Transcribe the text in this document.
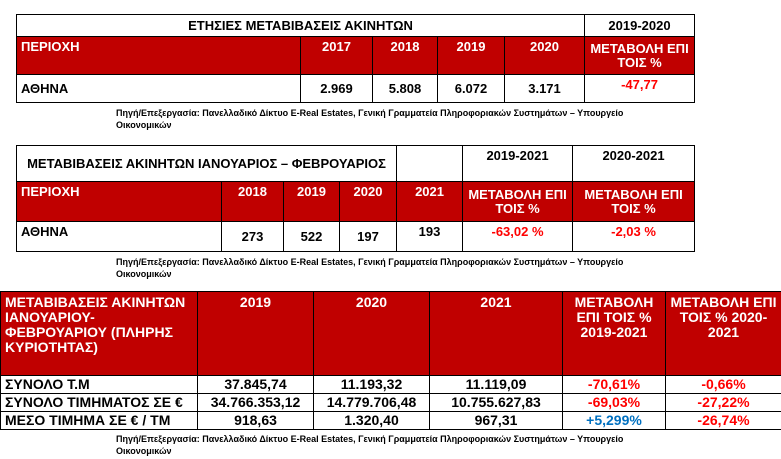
ΕΤΗΣΙΕΣ ΜΕΤΑΒΙΒΑΣΕΙΣ ΑΚΙΝΗΤΩΝ					2019-2020
ΠΕΡΙΟΧΗ	2017	2018	2019	2020	ΜΕΤΑΒΟΛΗ ΕΠΙ ΤΟΙΣ %
ΑΘΗΝΑ	2.969	5.808	6.072	3.171	-47,77
Πηγή/Επεξεργασία: Πανελλαδικό Δίκτυο E-Real Estates, Γενική Γραμματεία Πληροφοριακών Συστημάτων – Υπουργείο Οικονομικών
ΜΕΤΑΒΙΒΑΣΕΙΣ ΑΚΙΝΗΤΩΝ ΙΑΝΟΥΑΡΙΟΣ – ΦΕΒΡΟΥΑΡΙΟΣ					2019-2021	2020-2021
ΠΕΡΙΟΧΗ	2018	2019	2020	2021	ΜΕΤΑΒΟΛΗ ΕΠΙ ΤΟΙΣ %	ΜΕΤΑΒΟΛΗ ΕΠΙ ΤΟΙΣ %
ΑΘΗΝΑ	273	522	197	193	-63,02 %	-2,03 %
Πηγή/Επεξεργασία: Πανελλαδικό Δίκτυο E-Real Estates, Γενική Γραμματεία Πληροφοριακών Συστημάτων – Υπουργείο Οικονομικών
ΜΕΤΑΒΙΒΑΣΕΙΣ ΑΚΙΝΗΤΩΝ ΙΑΝΟΥΑΡΙΟΥ-ΦΕΒΡΟΥΑΡΙΟΥ (ΠΛΗΡΗΣ ΚΥΡΙΟΤΗΤΑΣ)	2019	2020	2021	ΜΕΤΑΒΟΛΗ ΕΠΙ ΤΟΙΣ % 2019-2021	ΜΕΤΑΒΟΛΗ ΕΠΙ ΤΟΙΣ % 2020-2021
ΣΥΝΟΛΟ Τ.Μ	37.845,74	11.193,32	11.119,09	-70,61%	-0,66%
ΣΥΝΟΛΟ ΤΙΜΗΜΑΤΟΣ ΣΕ €	34.766.353,12	14.779.706,48	10.755.627,83	-69,03%	-27,22%
ΜΕΣΟ ΤΙΜΗΜΑ ΣΕ € / ΤΜ	918,63	1.320,40	967,31	+5,299%	-26,74%
Πηγή/Επεξεργασία: Πανελλαδικό Δίκτυο E-Real Estates, Γενική Γραμματεία Πληροφοριακών Συστημάτων – Υπουργείο Οικονομικών
